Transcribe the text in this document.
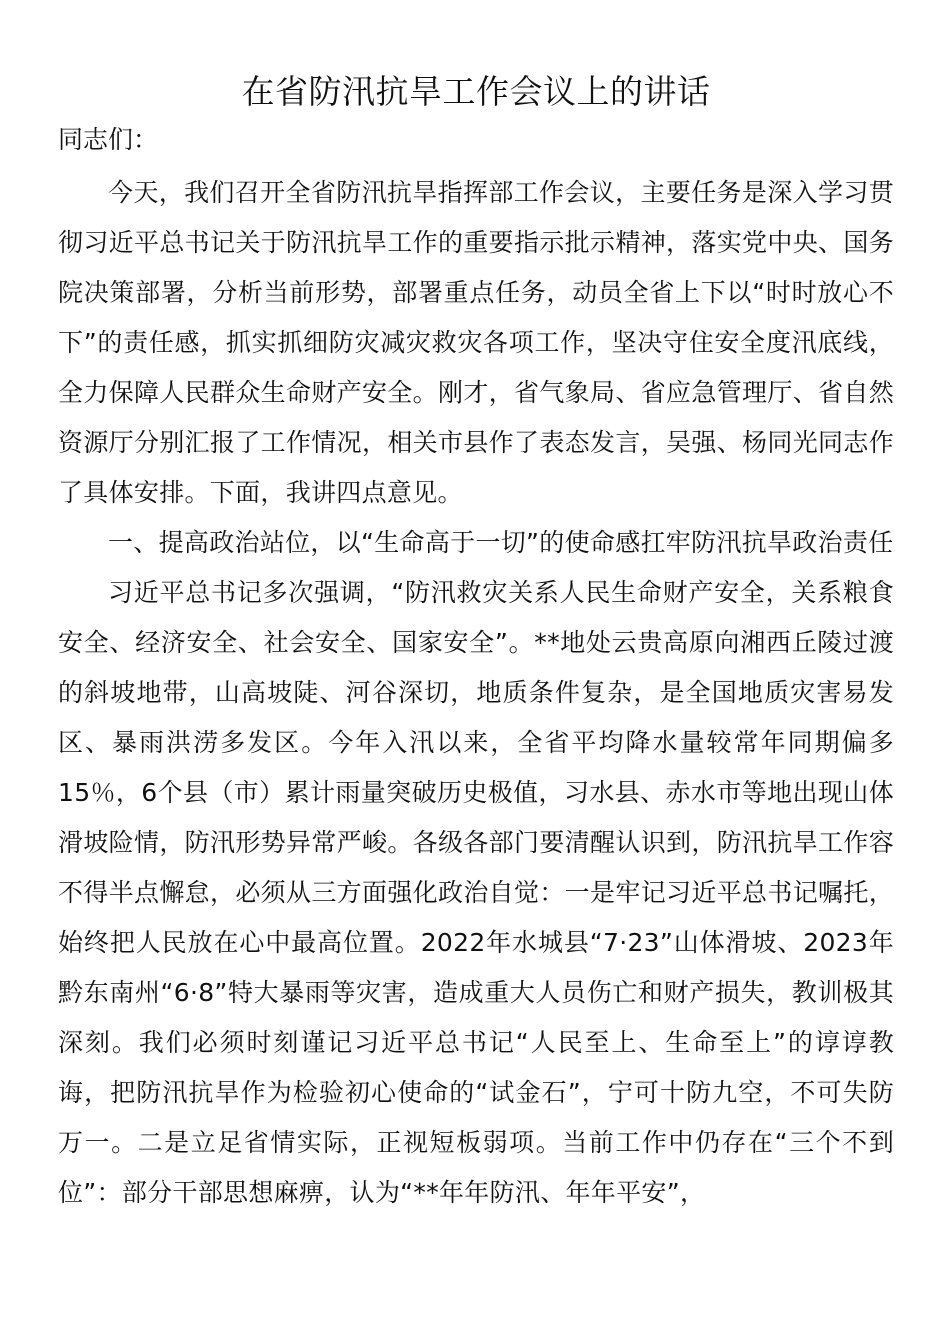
在省防汛抗旱工作会议上的讲话

同志们：

今天，我们召开全省防汛抗旱指挥部工作会议，主要任务是深入学习贯彻习近平总书记关于防汛抗旱工作的重要指示批示精神，落实党中央、国务院决策部署，分析当前形势，部署重点任务，动员全省上下以“时时放心不下”的责任感，抓实抓细防灾减灾救灾各项工作，坚决守住安全度汛底线，全力保障人民群众生命财产安全。刚才，省气象局、省应急管理厅、省自然资源厅分别汇报了工作情况，相关市县作了表态发言，吴强、杨同光同志作了具体安排。下面，我讲四点意见。

一、提高政治站位，以“生命高于一切”的使命感扛牢防汛抗旱政治责任

习近平总书记多次强调，“防汛救灾关系人民生命财产安全，关系粮食安全、经济安全、社会安全、国家安全”。**地处云贵高原向湘西丘陵过渡的斜坡地带，山高坡陡、河谷深切，地质条件复杂，是全国地质灾害易发区、暴雨洪涝多发区。今年入汛以来，全省平均降水量较常年同期偏多15％，6个县（市）累计雨量突破历史极值，习水县、赤水市等地出现山体滑坡险情，防汛形势异常严峻。各级各部门要清醒认识到，防汛抗旱工作容不得半点懈怠，必须从三方面强化政治自觉：一是牢记习近平总书记嘱托，始终把人民放在心中最高位置。2022年水城县“7·23”山体滑坡、2023年黔东南州“6·8”特大暴雨等灾害，造成重大人员伤亡和财产损失，教训极其深刻。我们必须时刻谨记习近平总书记“人民至上、生命至上”的谆谆教诲，把防汛抗旱作为检验初心使命的“试金石”，宁可十防九空，不可失防万一。二是立足省情实际，正视短板弱项。当前工作中仍存在“三个不到位”：部分干部思想麻痹，认为“**年年防汛、年年平安”，
